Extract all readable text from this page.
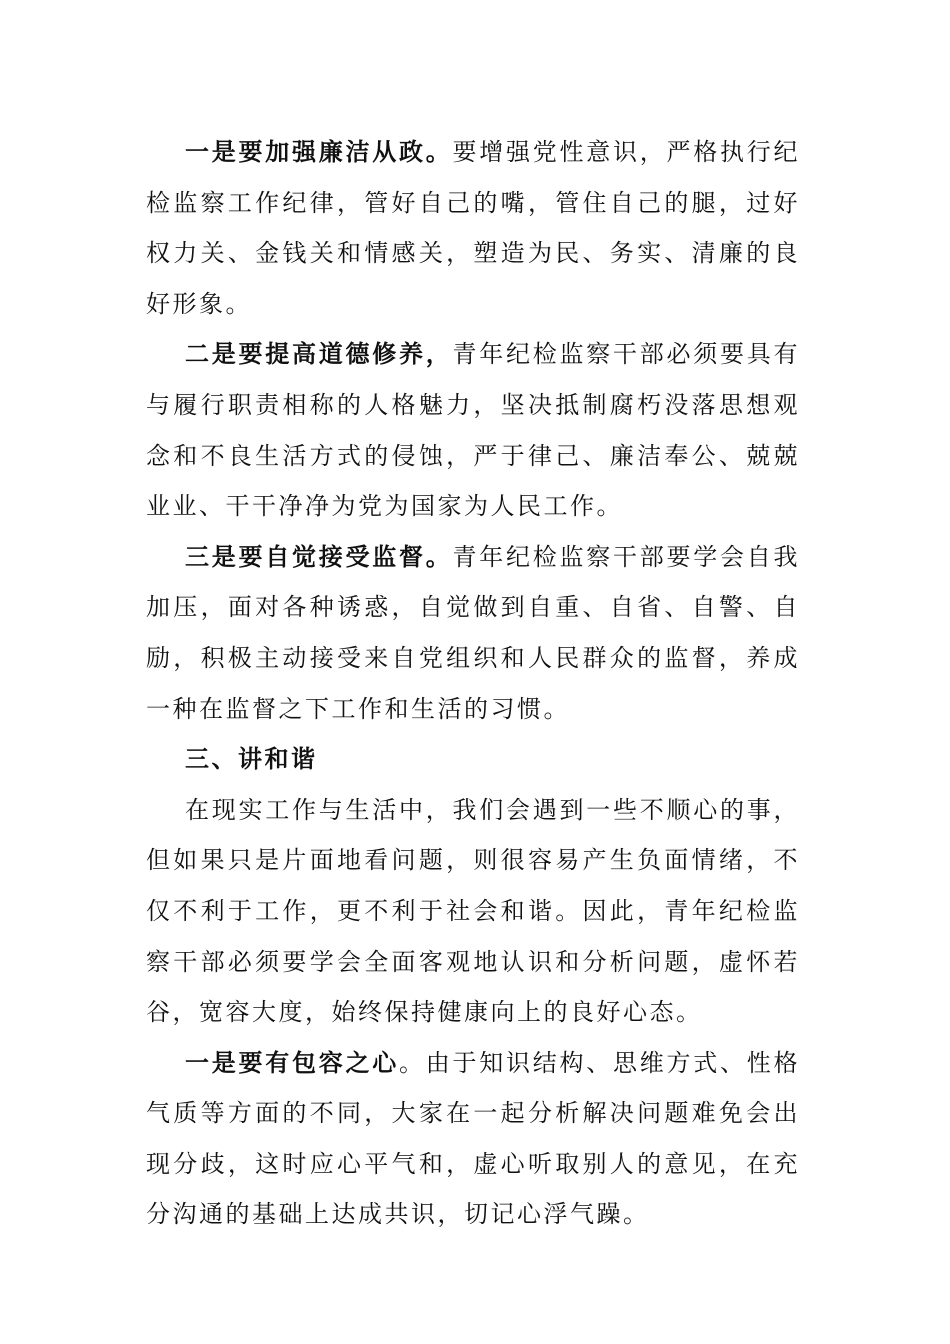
一是要加强廉洁从政。要增强党性意识，严格执行纪检监察工作纪律，管好自己的嘴，管住自己的腿，过好权力关、金钱关和情感关，塑造为民、务实、清廉的良好形象。

二是要提高道德修养，青年纪检监察干部必须要具有与履行职责相称的人格魅力，坚决抵制腐朽没落思想观念和不良生活方式的侵蚀，严于律己、廉洁奉公、兢兢业业、干干净净为党为国家为人民工作。

三是要自觉接受监督。青年纪检监察干部要学会自我加压，面对各种诱惑，自觉做到自重、自省、自警、自励，积极主动接受来自党组织和人民群众的监督，养成一种在监督之下工作和生活的习惯。

三、讲和谐

在现实工作与生活中，我们会遇到一些不顺心的事，但如果只是片面地看问题，则很容易产生负面情绪，不仅不利于工作，更不利于社会和谐。因此，青年纪检监察干部必须要学会全面客观地认识和分析问题，虚怀若谷，宽容大度，始终保持健康向上的良好心态。

一是要有包容之心。由于知识结构、思维方式、性格气质等方面的不同，大家在一起分析解决问题难免会出现分歧，这时应心平气和，虚心听取别人的意见，在充分沟通的基础上达成共识，切记心浮气躁。
